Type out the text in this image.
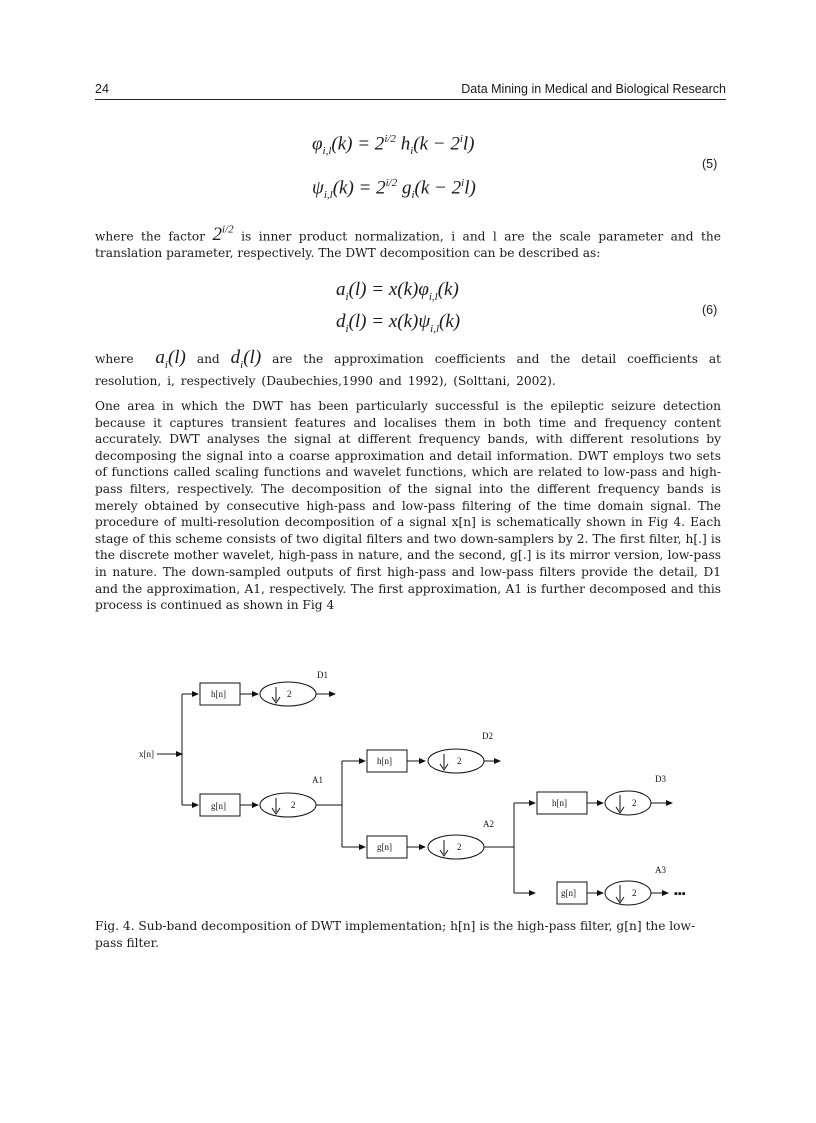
24	Data Mining in Medical and Biological Research
$\varphi_{i,l}(k) = 2^{i/2}$ $h_i(k - 2^il)$
$\psi_{i,l}(k) = 2^{i/2}$ $g_i(k - 2^il)$
(5)
where the factor $2^{i/2}$ is inner product normalization, i and l are the scale parameter and the translation parameter, respectively. The DWT decomposition can be described as:
$a_i(l) = x(k)\varphi_{i,l}(k)$
$d_i(l) = x(k)\psi_{i,l}(k)$
(6)
where $a_i(l)$ and $d_i(l)$ are the approximation coefficients and the detail coefficients at resolution, i, respectively (Daubechies,1990 and 1992), (Solttani, 2002).
One area in which the DWT has been particularly successful is the epileptic seizure detection because it captures transient features and localises them in both time and frequency content accurately. DWT analyses the signal at different frequency bands, with different resolutions by decomposing the signal into a coarse approximation and detail information. DWT employs two sets of functions called scaling functions and wavelet functions, which are related to low-pass and high-pass filters, respectively. The decomposition of the signal into the different frequency bands is merely obtained by consecutive high-pass and low-pass filtering of the time domain signal. The procedure of multi-resolution decomposition of a signal x[n] is schematically shown in Fig 4. Each stage of this scheme consists of two digital filters and two down-samplers by 2. The first filter, h[.] is the discrete mother wavelet, high-pass in nature, and the second, g[.] is its mirror version, low-pass in nature. The down-sampled outputs of first high-pass and low-pass filters provide the detail, D1 and the approximation, A1, respectively. The first approximation, A1 is further decomposed and this process is continued as shown in Fig 4
x[n]
h[n]
g[n]
h[n]
g[n]
h[n]
g[n]
2
2
2
2
2
2
D1
D2
D3
A1
A2
A3
▪▪▪
Fig. 4. Sub-band decomposition of DWT implementation; h[n] is the high-pass filter, g[n] the low-pass filter.
